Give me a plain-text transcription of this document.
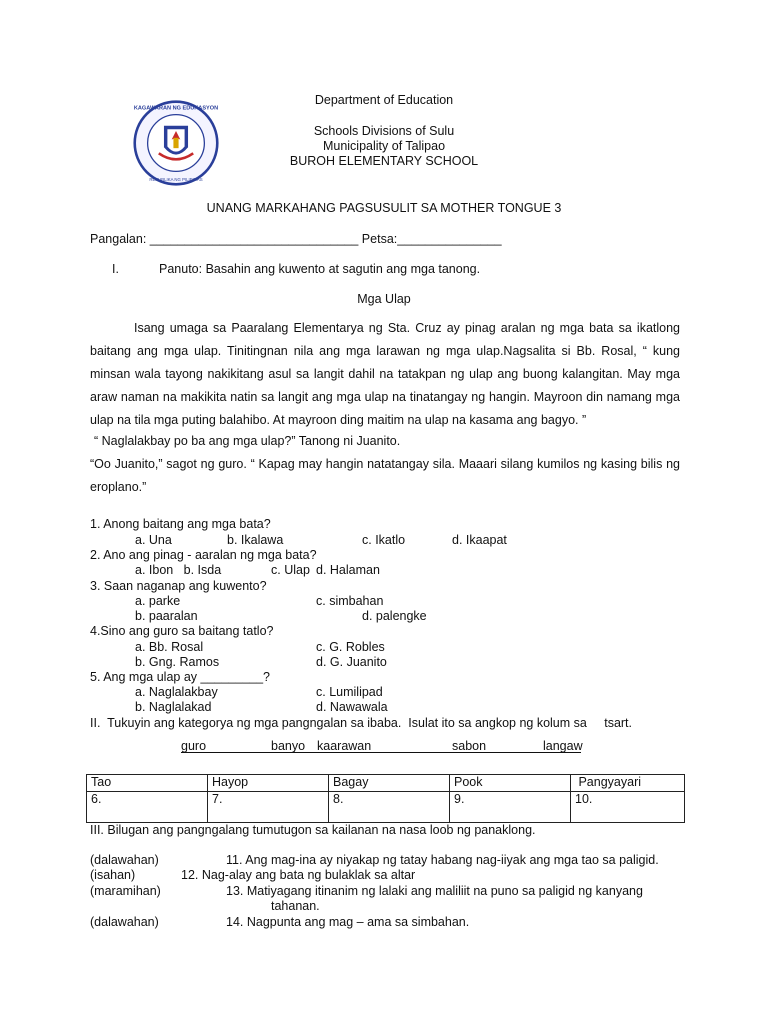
KAGAWARAN NG EDUKASYON
REPUBLIKA NG PILIPINAS
Department of Education
Schools Divisions of Sulu
Municipality of Talipao
BUROH ELEMENTARY SCHOOL
UNANG MARKAHANG PAGSUSULIT SA MOTHER TONGUE 3
Pangalan: ______________________________ Petsa:_______________
I.	Panuto: Basahin ang kuwento at sagutin ang mga tanong.
Mga Ulap
Isang umaga sa Paaralang Elementarya ng Sta. Cruz ay pinag aralan ng mga bata sa ikatlong baitang ang mga ulap. Tinitingnan nila ang mga larawan ng mga ulap.Nagsalita si Bb. Rosal, “ kung minsan wala tayong nakikitang asul sa langit dahil na tatakpan ng ulap ang buong kalangitan. May mga araw naman na makikita natin sa langit ang mga ulap na tinatangay ng hangin. Mayroon din namang mga ulap na tila mga puting balahibo. At mayroon ding maitim na ulap na kasama ang bagyo. ”
“ Naglalakbay po ba ang mga ulap?” Tanong ni Juanito.
“Oo Juanito,” sagot ng guro. “ Kapag may hangin natatangay sila. Maaari silang kumilos ng kasing bilis ng eroplano.”
1. Anong baitang ang mga bata?
a. Una	b. Ikalawa	c. Ikatlo	d. Ikaapat
2. Ano ang pinag - aaralan ng mga bata?
a. Ibon   b. Isda	c. Ulap d. Halaman
3. Saan naganap ang kuwento?
a. parke	c. simbahan
b. paaralan	d. palengke
4.Sino ang guro sa baitang tatlo?
a. Bb. Rosal	c. G. Robles
b. Gng. Ramos	d. G. Juanito
5. Ang mga ulap ay _________?
a. Naglalakbay	c. Lumilipad
b. Naglalakad	d. Nawawala
II.  Tukuyin ang kategorya ng mga pangngalan sa ibaba.  Isulat ito sa angkop ng kolum sa     tsart.
guro	banyo kaarawan	sabon	langaw
Tao	Hayop	Bagay	Pook	Pangyayari
6.	7.	8.	9.	10.
III. Bilugan ang pangngalang tumutugon sa kailanan na nasa loob ng panaklong.
(dalawahan)	11. Ang mag-ina ay niyakap ng tatay habang nag-iiyak ang mga tao sa paligid.
(isahan)	12. Nag-alay ang bata ng bulaklak sa altar
(maramihan)	13. Matiyagang itinanim ng lalaki ang maliliit na puno sa paligid ng kanyang
tahanan.
(dalawahan)	14. Nagpunta ang mag – ama sa simbahan.
